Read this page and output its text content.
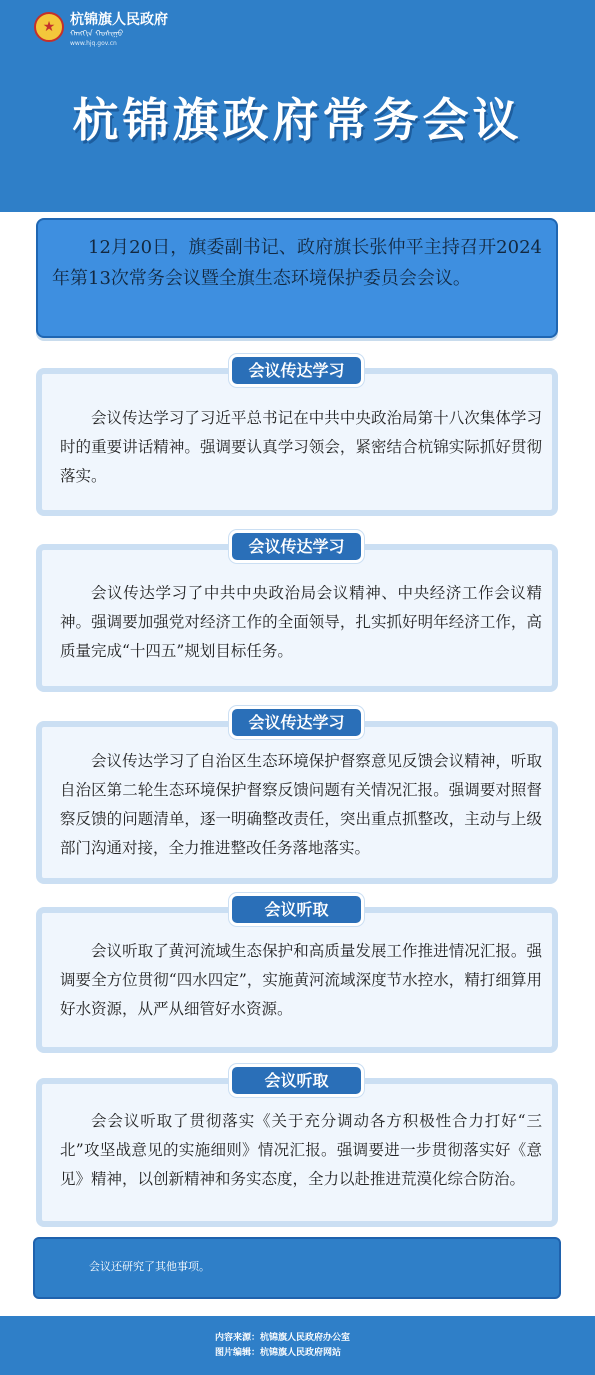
★	杭锦旗人民政府
ᠬᠠᠩᠭᠢᠨ ᠬᠣᠰᠢᠭᠤ
www.hjq.gov.cn
杭锦旗政府常务会议

12月20日，旗委副书记、政府旗长张仲平主持召开2024年第13次常务会议暨全旗生态环境保护委员会会议。

会议传达学习了习近平总书记在中共中央政治局第十八次集体学习时的重要讲话精神。强调要认真学习领会，紧密结合杭锦实际抓好贯彻落实。

会议传达学习

会议传达学习了中共中央政治局会议精神、中央经济工作会议精神。强调要加强党对经济工作的全面领导，扎实抓好明年经济工作，高质量完成“十四五”规划目标任务。

会议传达学习

会议传达学习了自治区生态环境保护督察意见反馈会议精神，听取自治区第二轮生态环境保护督察反馈问题有关情况汇报。强调要对照督察反馈的问题清单，逐一明确整改责任，突出重点抓整改，主动与上级部门沟通对接，全力推进整改任务落地落实。

会议传达学习

会议听取了黄河流域生态保护和高质量发展工作推进情况汇报。强调要全方位贯彻“四水四定”，实施黄河流域深度节水控水，精打细算用好水资源，从严从细管好水资源。

会议听取

会会议听取了贯彻落实《关于充分调动各方积极性合力打好“三北”攻坚战意见的实施细则》情况汇报。强调要进一步贯彻落实好《意见》精神，以创新精神和务实态度，全力以赴推进荒漠化综合防治。

会议听取
会议还研究了其他事项。
内容来源：杭锦旗人民政府办公室
图片编辑：杭锦旗人民政府网站
